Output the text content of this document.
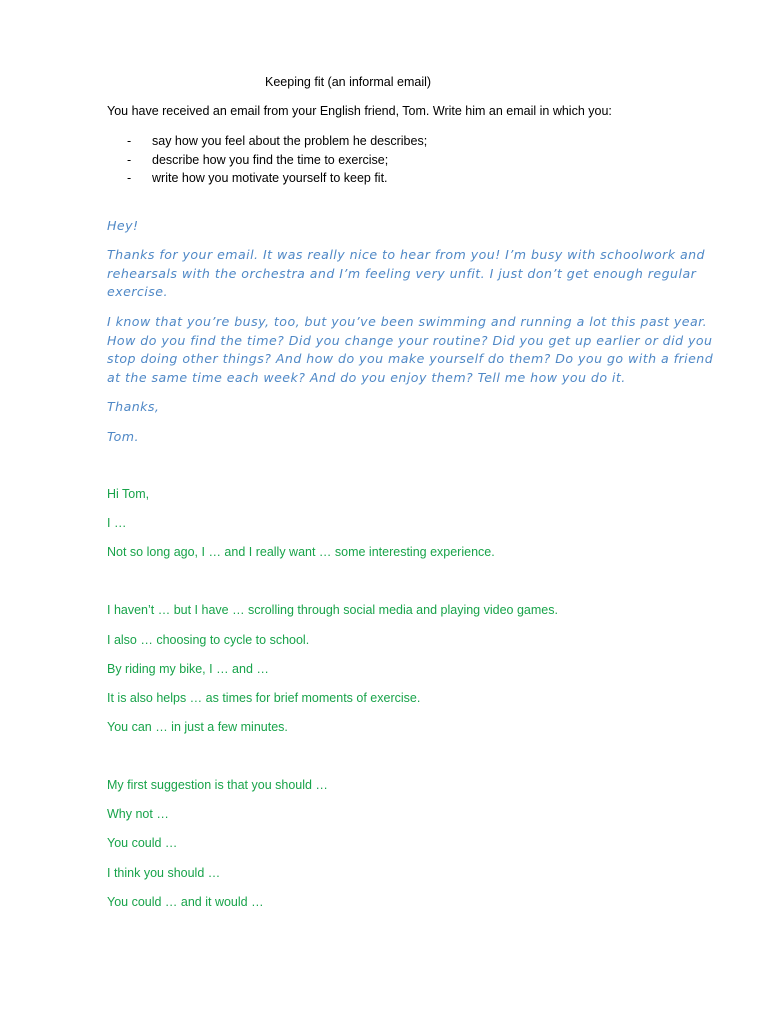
Keeping fit (an informal email)
You have received an email from your English friend, Tom. Write him an email in which you:
- say how you feel about the problem he describes;
- describe how you find the time to exercise;
- write how you motivate yourself to keep fit.

Hey!

Thanks for your email. It was really nice to hear from you! I’m busy with schoolwork and rehearsals with the orchestra and I’m feeling very unfit. I just don’t get enough regular exercise.

I know that you’re busy, too, but you’ve been swimming and running a lot this past year. How do you find the time? Did you change your routine? Did you get up earlier or did you stop doing other things? And how do you make yourself do them? Do you go with a friend at the same time each week? And do you enjoy them? Tell me how you do it.

Thanks,

Tom.

Hi Tom,
I …
Not so long ago, I … and I really want … some interesting experience.
I haven’t … but I have … scrolling through social media and playing video games.
I also … choosing to cycle to school.
By riding my bike, I … and …
It is also helps … as times for brief moments of exercise.
You can … in just a few minutes.
My first suggestion is that you should …
Why not …
You could …
I think you should …
You could … and it would …
